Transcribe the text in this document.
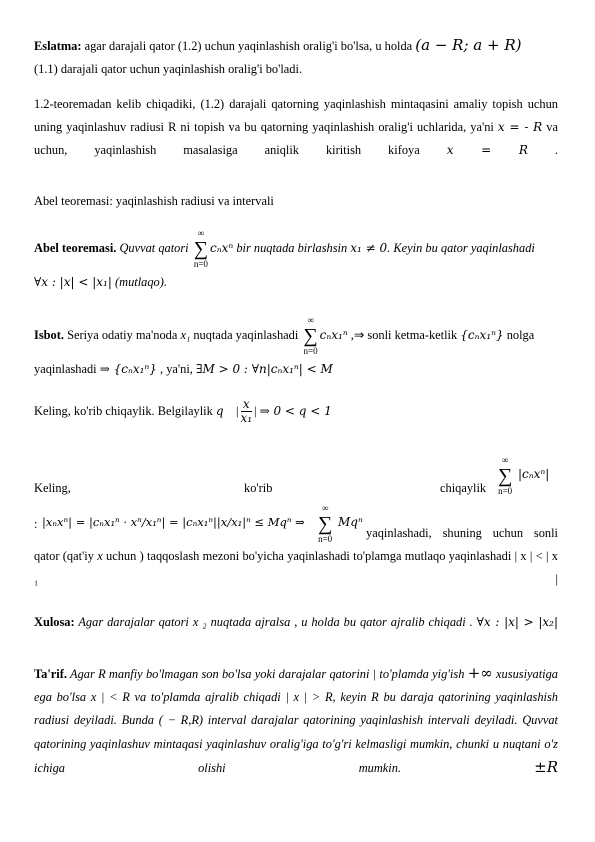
Eslatma: agar darajali qator (1.2) uchun yaqinlashish oralig'i bo'lsa, u holda (a − R; a + R)
(1.1) darajali qator uchun yaqinlashish oralig'i bo'ladi.
1.2-teoremadan kelib chiqadiki, (1.2) darajali qatorning yaqinlashish mintaqasini amaliy topish uchun uning yaqinlashuv radiusi R ni topish va bu qatorning yaqinlashish oralig'i uchlarida, ya'ni x = - R va uchun, yaqinlashish masalasiga aniqlik kiritish kifoya x = R .
Abel teoremasi: yaqinlashish radiusi va intervali
Abel teoremasi. Quvvat qatori ∞
∑
n=0cₙxⁿ bir nuqtada birlashsin x₁ ≠ 0. Keyin bu qator yaqinlashadi ∀x : |x| < |x₁| (mutlaqo).
Isbot. Seriya odatiy ma'noda x₁ nuqtada yaqinlashadi ∞
∑
n=0cₙx₁ⁿ ,⇒ sonli ketma-ketlik {cₙx₁ⁿ} nolga yaqinlashadi ⇒ {cₙx₁ⁿ} , ya'ni, ∃M > 0 : ∀n|cₙx₁ⁿ| < M
Keling, ko'rib chiqaylik. Belgilaylik q    | $\frac{x}{\text{x₁}}$ | ⇒ 0 < q < 1
Keling,	ko'rib	chiqaylik
∞
∑
n=0
|cₙxⁿ|
: |xₙxⁿ| = |cₙx₁ⁿ · xⁿ/x₁ⁿ| = |cₙx₁ⁿ||x/x₁|ⁿ ≤ Mqⁿ ⇒
∞
∑
n=0
Mqⁿ
yaqinlashadi, shuning uchun sonli qator (qat'iy x uchun ) taqqoslash mezoni bo'yicha yaqinlashadi to'plamga mutlaqo yaqinlashadi | x | < | x ₁ |
Xulosa: Agar darajalar qatori x ₂ nuqtada ajralsa , u holda bu qator ajralib chiqadi . ∀x : |x| > |x₂|
Ta'rif. Agar R manfiy bo'lmagan son bo'lsa yoki darajalar qatorini | to'plamda yig'ish +∞ xususiyatiga ega bo'lsa x | < R va to'plamda ajralib chiqadi | x | > R, keyin R bu daraja qatorining yaqinlashish radiusi deyiladi. Bunda ( − R,R) interval darajalar qatorining yaqinlashish intervali deyiladi. Quvvat qatorining yaqinlashuv mintaqasi yaqinlashuv oralig'iga to'g'ri kelmasligi mumkin, chunki u nuqtani o'z ichiga olishi mumkin. ±R
